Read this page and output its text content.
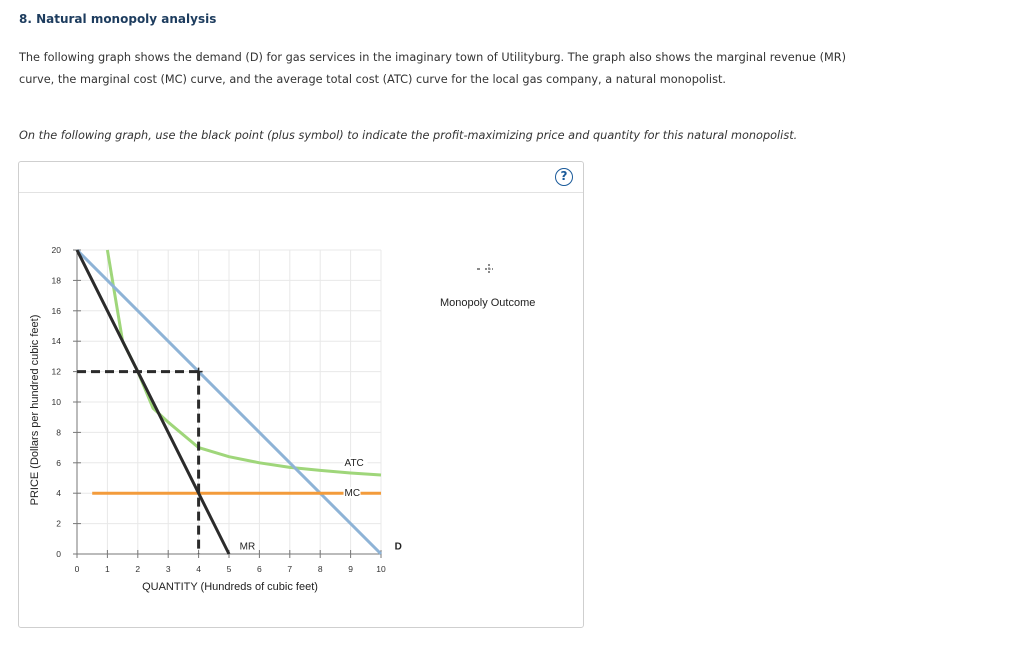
8. Natural monopoly analysis
The following graph shows the demand (D) for gas services in the imaginary town of Utilityburg. The graph also shows the marginal revenue (MR)
curve, the marginal cost (MC) curve, and the average total cost (ATC) curve for the local gas company, a natural monopolist.
On the following graph, use the black point (plus symbol) to indicate the profit-maximizing price and quantity for this natural monopolist.
?
0	1	2	3	4	5	6	7	8	9	10
0
2
4
6
8
10
12
14
16
18
20
QUANTITY (Hundreds of cubic feet)
PRICE (Dollars per hundred cubic feet)	ATC
MC
MR	D
Monopoly Outcome
